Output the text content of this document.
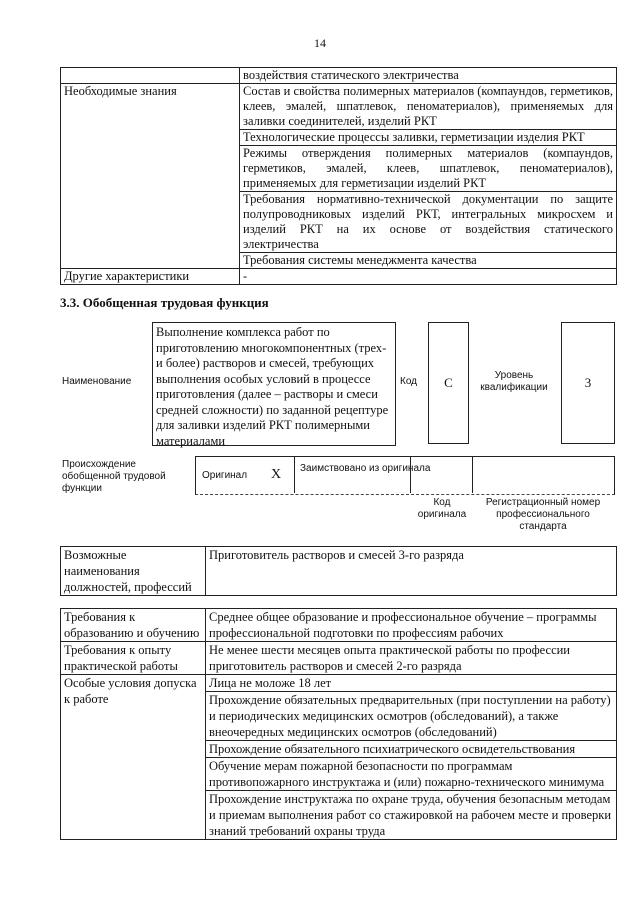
14
	воздействия статического электричества
Необходимые знания	Состав и свойства полимерных материалов (компаундов, герметиков, клеев, эмалей, шпатлевок, пеноматериалов), применяемых для заливки соединителей, изделий РКТ
	Технологические процессы заливки, герметизации изделия РКТ
	Режимы отверждения полимерных материалов (компаундов, герметиков, эмалей, клеев, шпатлевок, пеноматериалов), применяемых для герметизации изделий РКТ
	Требования нормативно-технической документации по защите полупроводниковых изделий РКТ, интегральных микросхем и изделий РКТ на их основе от воздействия статического электричества
	Требования системы менеджмента качества
Другие характеристики	-
3.3. Обобщенная трудовая функция
Наименование
Выполнение комплекса работ по приготовлению многокомпонентных (трех- и более) растворов и смесей, требующих выполнения особых условий в процессе приготовления (далее – растворы и смеси средней сложности) по заданной рецептуре для заливки изделий РКТ полимерными материалами
Код	C	Уровень квалификации	3
Происхождение обобщенной трудовой функции
Оригинал X Заимствовано из оригинала
Код оригинала
Регистрационный номер профессионального стандарта
Возможные наименования должностей, профессий	Приготовитель растворов и смесей 3-го разряда
Требования к образованию и обучению	Среднее общее образование и профессиональное обучение – программы профессиональной подготовки по профессиям рабочих
Требования к опыту практической работы	Не менее шести месяцев опыта практической работы по профессии приготовитель растворов и смесей 2-го разряда
Особые условия допуска к работе	Лица не моложе 18 лет
Прохождение обязательных предварительных (при поступлении на работу) и периодических медицинских осмотров (обследований), а также внеочередных медицинских осмотров (обследований)
Прохождение обязательного психиатрического освидетельствования
Обучение мерам пожарной безопасности по программам противопожарного инструктажа и (или) пожарно-технического минимума
Прохождение инструктажа по охране труда, обучения безопасным методам и приемам выполнения работ со стажировкой на рабочем месте и проверки знаний требований охраны труда
